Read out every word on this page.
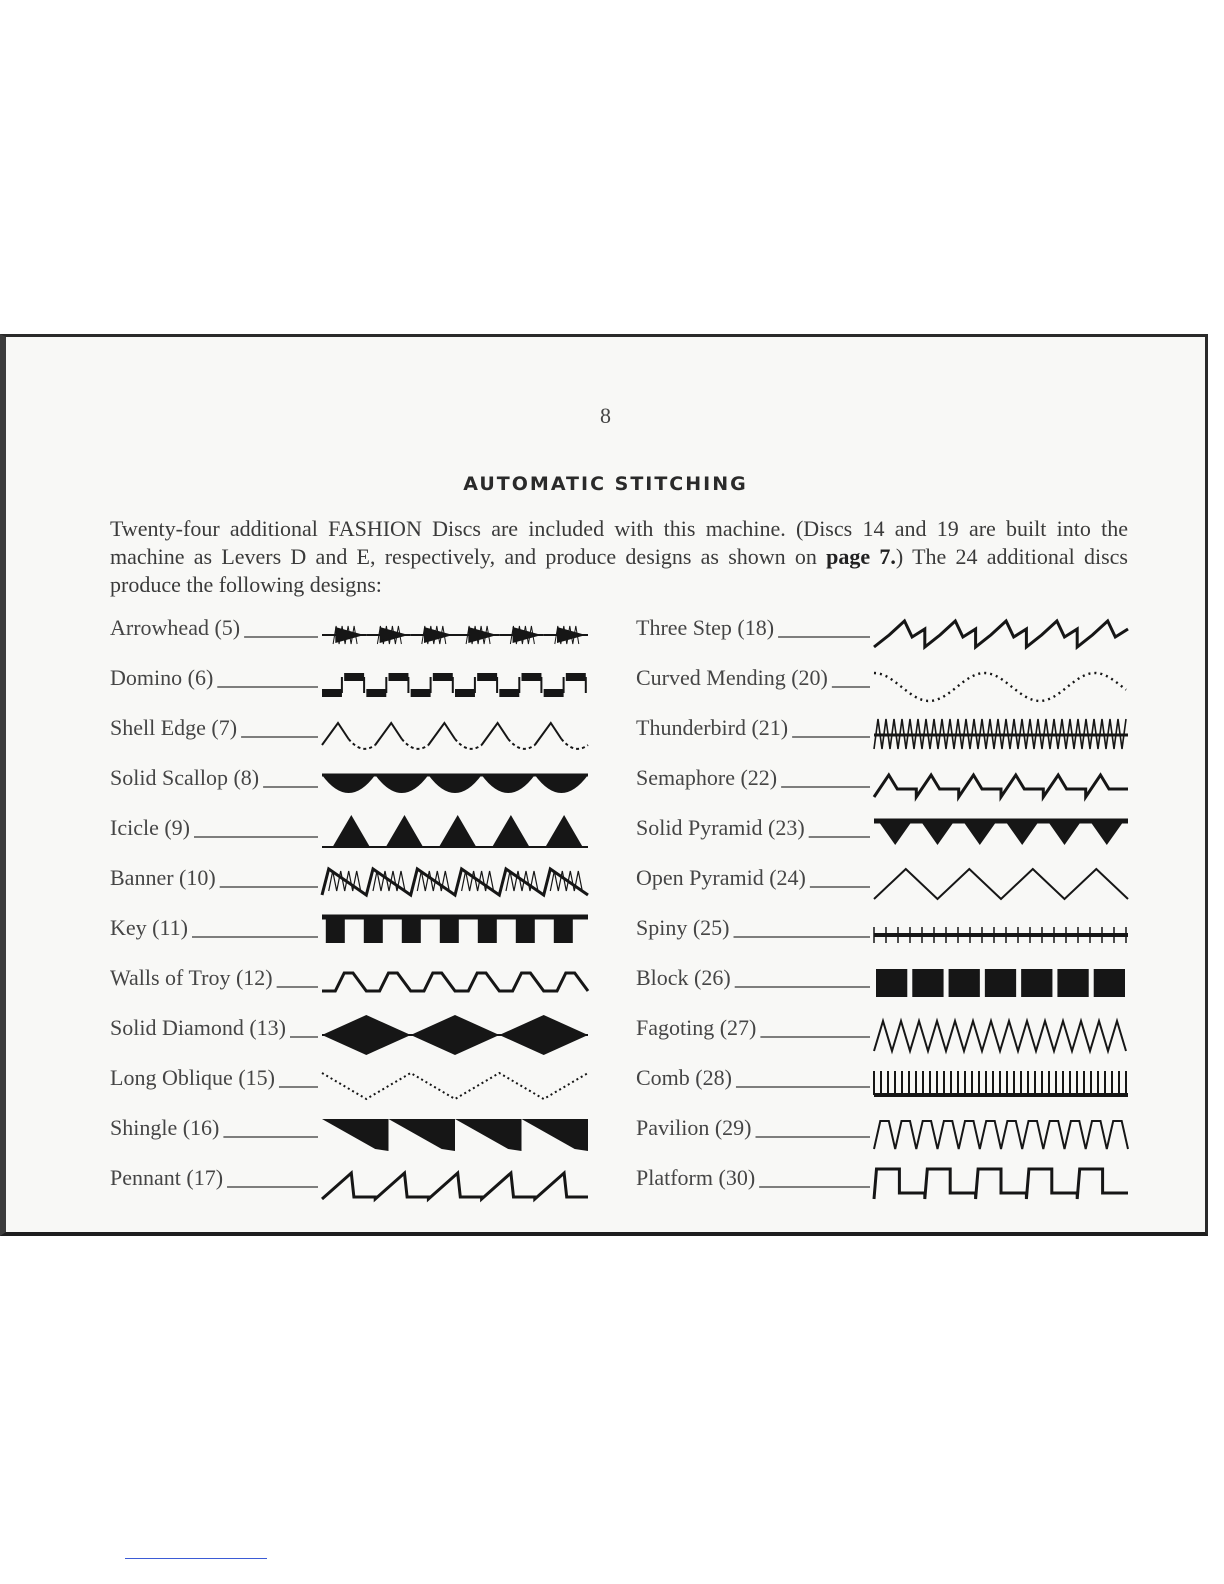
8
AUTOMATIC STITCHING
Twenty-four additional FASHION Discs are included with this machine. (Discs 14 and 19 are built into the machine as Levers D and E, respectively, and produce designs as shown on page 7.) The 24 additional discs produce the following designs:
Arrowhead (5)
Domino (6)
Shell Edge (7)
Solid Scallop (8)
Icicle (9)
Banner (10)
Key (11)
Walls of Troy (12)
Solid Diamond (13)
Long Oblique (15)
Shingle (16)
Pennant (17)
Three Step (18)
Curved Mending (20)
Thunderbird (21)
Semaphore (22)
Solid Pyramid (23)
Open Pyramid (24)
Spiny (25)
Block (26)
Fagoting (27)
Comb (28)
Pavilion (29)
Platform (30)
